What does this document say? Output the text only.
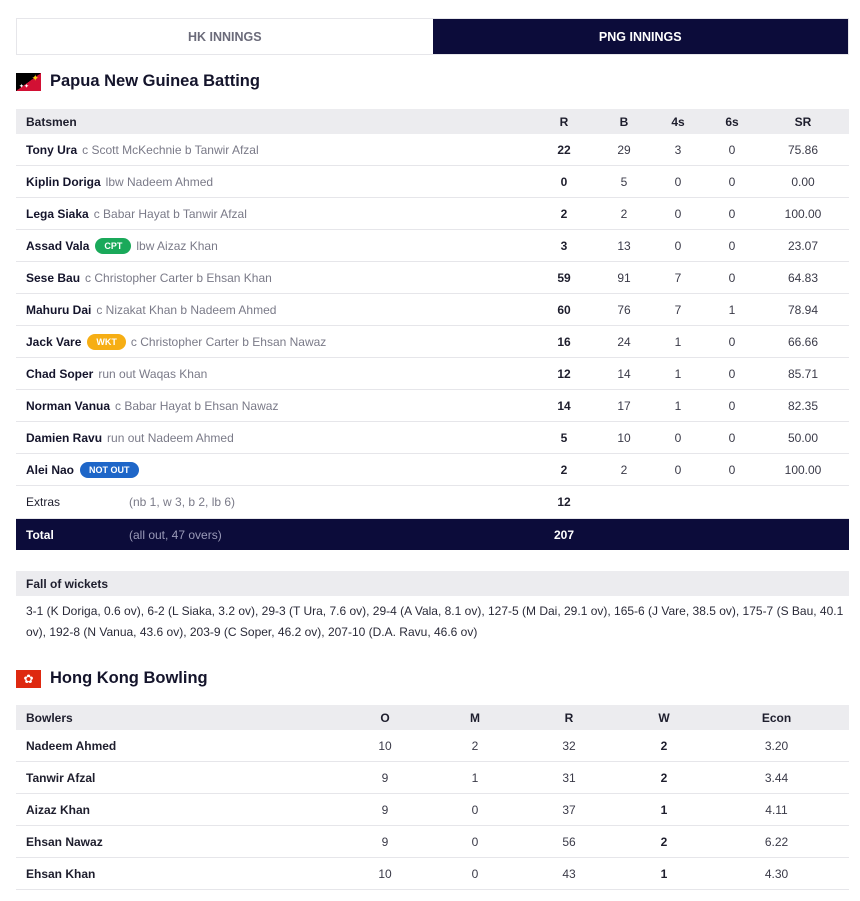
HK INNINGS	PNG INNINGS
✦
✦✦ Papua New Guinea Batting
Batsmen	R	B	4s	6s	SR
Tony Ura c Scott McKechnie b Tanwir Afzal	22	29	3	0	75.86
Kiplin Doriga lbw Nadeem Ahmed	0	5	0	0	0.00
Lega Siaka c Babar Hayat b Tanwir Afzal	2	2	0	0	100.00
Assad Vala	CPT	lbw Aizaz Khan	3	13	0	0	23.07
Sese Bau c Christopher Carter b Ehsan Khan	59	91	7	0	64.83
Mahuru Dai c Nizakat Khan b Nadeem Ahmed	60	76	7	1	78.94
Jack Vare	WKT	c Christopher Carter b Ehsan Nawaz	16	24	1	0	66.66
Chad Soper run out Waqas Khan	12	14	1	0	85.71
Norman Vanua c Babar Hayat b Ehsan Nawaz	14	17	1	0	82.35
Damien Ravu run out Nadeem Ahmed	5	10	0	0	50.00
Alei Nao	NOT OUT	2	2	0	0	100.00
Extras	(nb 1, w 3, b 2, lb 6)	12
Total	(all out, 47 overs)	207
Fall of wickets
3-1 (K Doriga, 0.6 ov), 6-2 (L Siaka, 3.2 ov), 29-3 (T Ura, 7.6 ov), 29-4 (A Vala, 8.1 ov), 127-5 (M Dai, 29.1 ov), 165-6 (J Vare, 38.5 ov), 175-7 (S Bau, 40.1 ov), 192-8 (N Vanua, 43.6 ov), 203-9 (C Soper, 46.2 ov), 207-10 (D.A. Ravu, 46.6 ov)
✿ Hong Kong Bowling
Bowlers	O	M	R	W	Econ
Nadeem Ahmed	10	2	32	2	3.20
Tanwir Afzal	9	1	31	2	3.44
Aizaz Khan	9	0	37	1	4.11
Ehsan Nawaz	9	0	56	2	6.22
Ehsan Khan	10	0	43	1	4.30
